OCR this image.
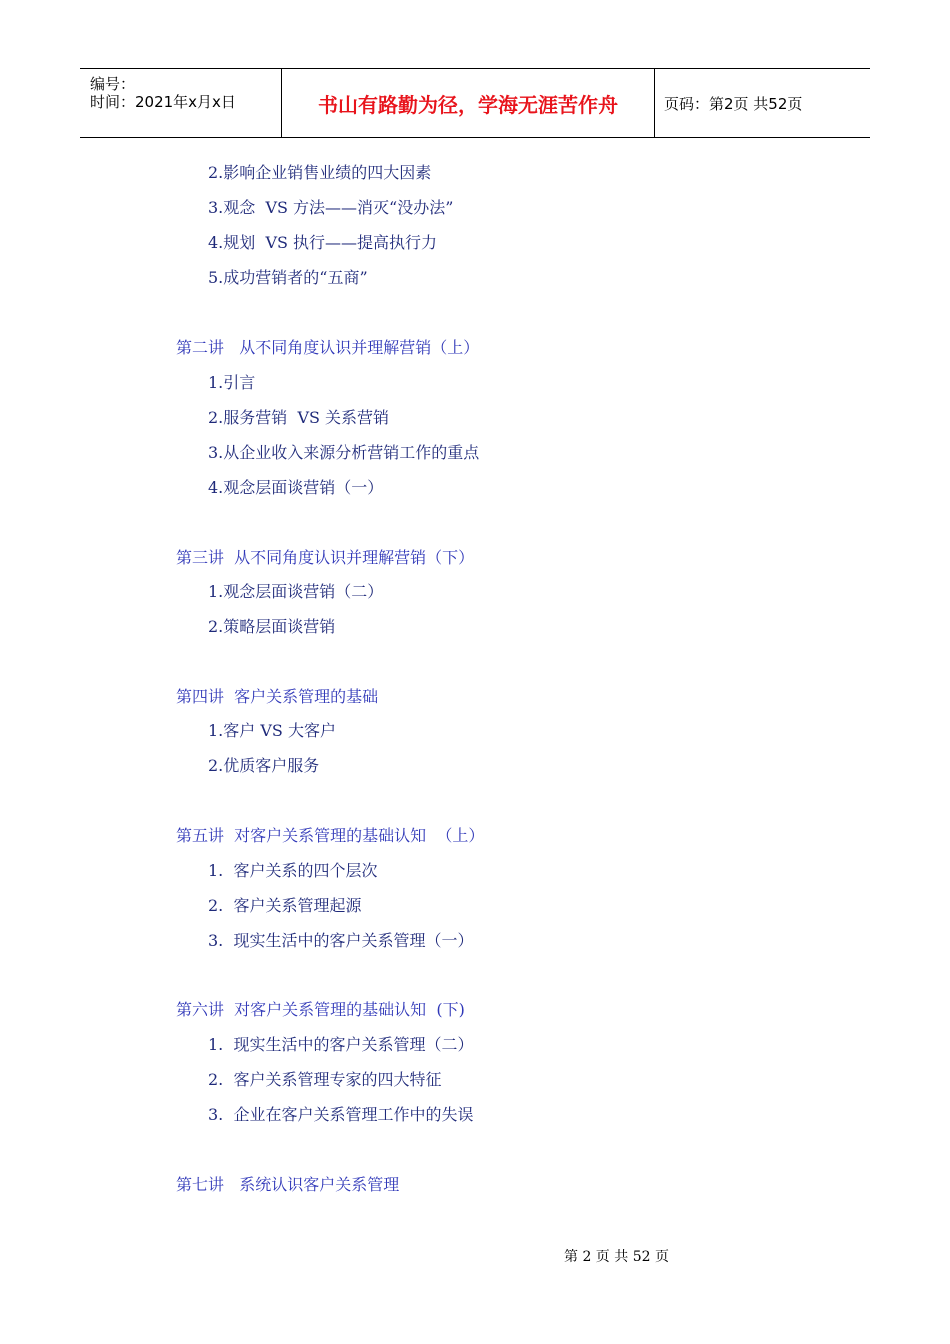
编号：
时间：2021年x月x日	书山有路勤为径，学海无涯苦作舟	页码：第2页 共52页
2.影响企业销售业绩的四大因素
3.观念  VS 方法——消灭“没办法”
4.规划  VS 执行——提高执行力
5.成功营销者的“五商”
第二讲   从不同角度认识并理解营销（上）
1.引言
2.服务营销  VS 关系营销
3.从企业收入来源分析营销工作的重点
4.观念层面谈营销（一）
第三讲  从不同角度认识并理解营销（下）
1.观念层面谈营销（二）
2.策略层面谈营销
第四讲  客户关系管理的基础
1.客户 VS 大客户
2.优质客户服务
第五讲  对客户关系管理的基础认知  （上）
1.  客户关系的四个层次
2.  客户关系管理起源
3.  现实生活中的客户关系管理（一）
第六讲  对客户关系管理的基础认知  (下)
1.  现实生活中的客户关系管理（二）
2.  客户关系管理专家的四大特征
3.  企业在客户关系管理工作中的失误
第七讲   系统认识客户关系管理
第 2 页 共 52 页
